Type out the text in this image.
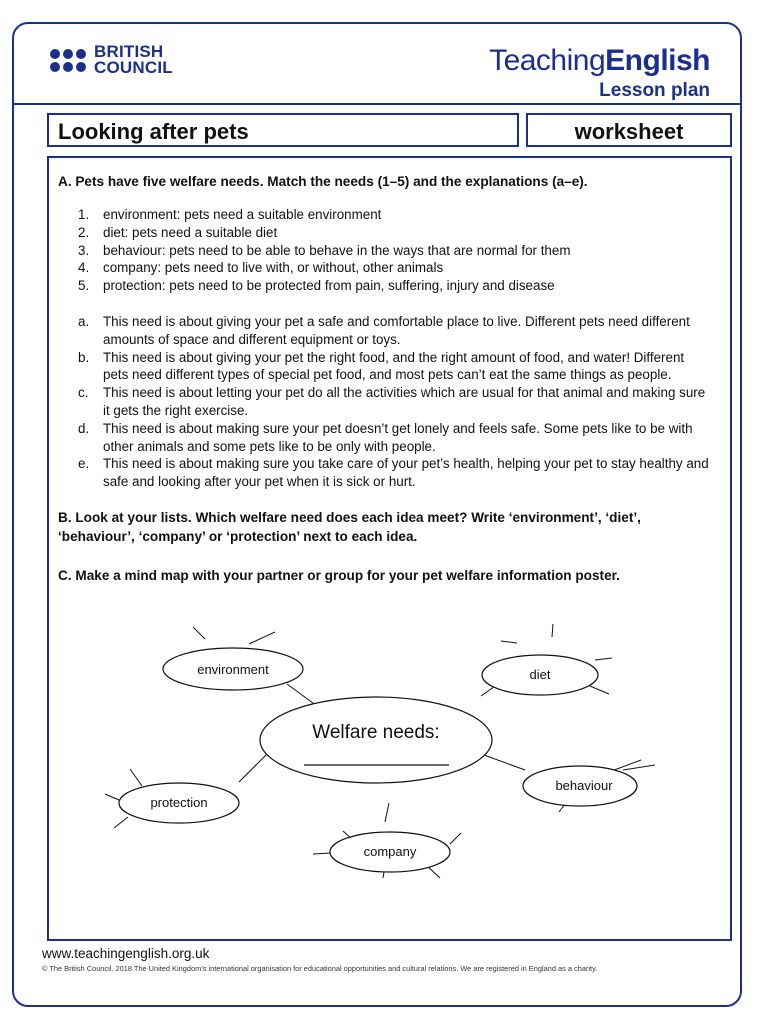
BRITISH
COUNCIL	TeachingEnglish
Lesson plan
Looking after pets	worksheet
A. Pets have five welfare needs. Match the needs (1–5) and the explanations (a–e).
1.	environment: pets need a suitable environment
2.	diet: pets need a suitable diet
3.	behaviour: pets need to be able to behave in the ways that are normal for them
4.	company: pets need to live with, or without, other animals
5.	protection: pets need to be protected from pain, suffering, injury and disease
a.	This need is about giving your pet a safe and comfortable place to live. Different pets need different amounts of space and different equipment or toys.
b.	This need is about giving your pet the right food, and the right amount of food, and water! Different pets need different types of special pet food, and most pets can’t eat the same things as people.
c.	This need is about letting your pet do all the activities which are usual for that animal and making sure it gets the right exercise.
d.	This need is about making sure your pet doesn’t get lonely and feels safe. Some pets like to be with other animals and some pets like to be only with people.
e.	This need is about making sure you take care of your pet’s health, helping your pet to stay healthy and safe and looking after your pet when it is sick or hurt.
B. Look at your lists. Which welfare need does each idea meet? Write ‘environment’, ‘diet’,
‘behaviour’, ‘company’ or ‘protection’ next to each idea.
C. Make a mind map with your partner or group for your pet welfare information poster.
environment	diet
Welfare needs:
behaviour
protection
company
www.teachingenglish.org.uk
© The British Council. 2018 The United Kingdom’s international organisation for educational opportunities and cultural relations. We are registered in England as a charity.
